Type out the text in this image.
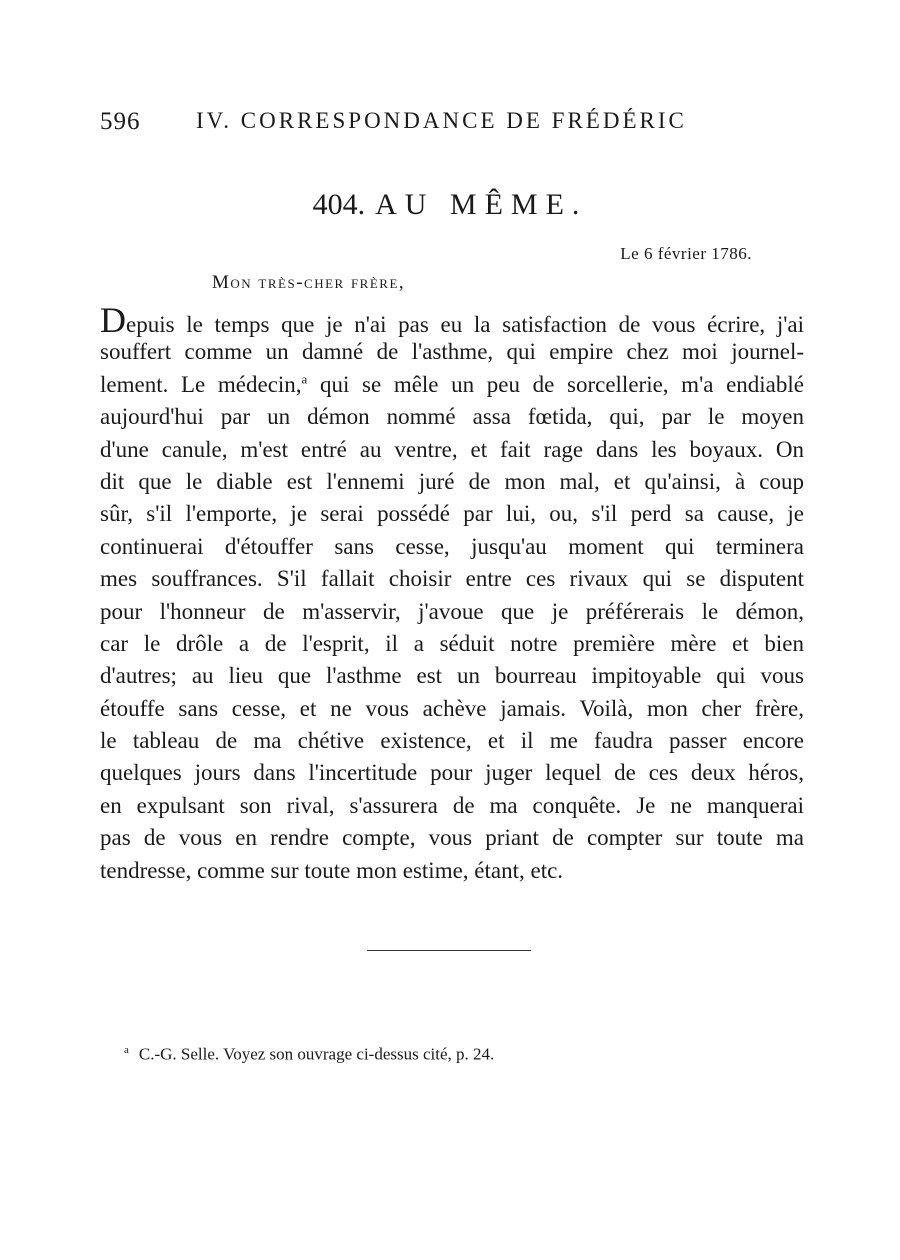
596 IV. CORRESPONDANCE DE FRÉDÉRIC
404. AU MÊME.
Le 6 février 1786.
Mon très-cher frère,
Depuis le temps que je n'ai pas eu la satisfaction de vous écrire, j'ai
souffert comme un damné de l'asthme, qui empire chez moi journel-
lement. Le médecin,$^a$ qui se mêle un peu de sorcellerie, m'a endiablé
aujourd'hui par un démon nommé assa fœtida, qui, par le moyen
d'une canule, m'est entré au ventre, et fait rage dans les boyaux. On
dit que le diable est l'ennemi juré de mon mal, et qu'ainsi, à coup
sûr, s'il l'emporte, je serai possédé par lui, ou, s'il perd sa cause, je
continuerai d'étouffer sans cesse, jusqu'au moment qui terminera
mes souffrances. S'il fallait choisir entre ces rivaux qui se disputent
pour l'honneur de m'asservir, j'avoue que je préférerais le démon,
car le drôle a de l'esprit, il a séduit notre première mère et bien
d'autres; au lieu que l'asthme est un bourreau impitoyable qui vous
étouffe sans cesse, et ne vous achève jamais. Voilà, mon cher frère,
le tableau de ma chétive existence, et il me faudra passer encore
quelques jours dans l'incertitude pour juger lequel de ces deux héros,
en expulsant son rival, s'assurera de ma conquête. Je ne manquerai
pas de vous en rendre compte, vous priant de compter sur toute ma
tendresse, comme sur toute mon estime, étant, etc.
$^a$ C.-G. Selle. Voyez son ouvrage ci-dessus cité, p. 24.
